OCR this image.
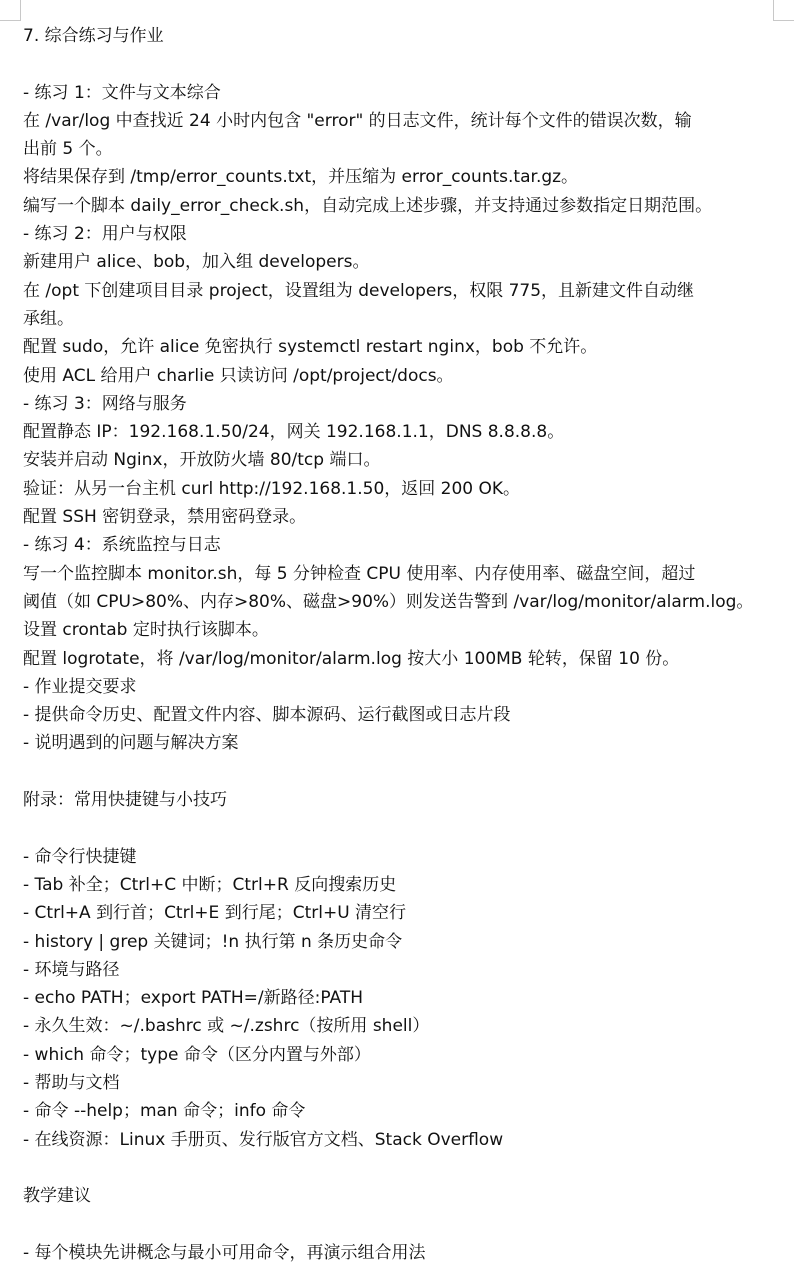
7. 综合练习与作业
- 练习 1：文件与文本综合
在 /var/log 中查找近 24 小时内包含 "error" 的日志文件，统计每个文件的错误次数，输
出前 5 个。
将结果保存到 /tmp/error_counts.txt，并压缩为 error_counts.tar.gz。
编写一个脚本 daily_error_check.sh，自动完成上述步骤，并支持通过参数指定日期范围。
- 练习 2：用户与权限
新建用户 alice、bob，加入组 developers。
在 /opt 下创建项目目录 project，设置组为 developers，权限 775，且新建文件自动继
承组。
配置 sudo，允许 alice 免密执行 systemctl restart nginx，bob 不允许。
使用 ACL 给用户 charlie 只读访问 /opt/project/docs。
- 练习 3：网络与服务
配置静态 IP：192.168.1.50/24，网关 192.168.1.1，DNS 8.8.8.8。
安装并启动 Nginx，开放防火墙 80/tcp 端口。
验证：从另一台主机 curl http://192.168.1.50，返回 200 OK。
配置 SSH 密钥登录，禁用密码登录。
- 练习 4：系统监控与日志
写一个监控脚本 monitor.sh，每 5 分钟检查 CPU 使用率、内存使用率、磁盘空间，超过
阈值（如 CPU>80%、内存>80%、磁盘>90%）则发送告警到 /var/log/monitor/alarm.log。
设置 crontab 定时执行该脚本。
配置 logrotate，将 /var/log/monitor/alarm.log 按大小 100MB 轮转，保留 10 份。
- 作业提交要求
- 提供命令历史、配置文件内容、脚本源码、运行截图或日志片段
- 说明遇到的问题与解决方案
附录：常用快捷键与小技巧
- 命令行快捷键
- Tab 补全；Ctrl+C 中断；Ctrl+R 反向搜索历史
- Ctrl+A 到行首；Ctrl+E 到行尾；Ctrl+U 清空行
- history | grep 关键词；!n 执行第 n 条历史命令
- 环境与路径
- echo PATH；export PATH=/新路径:PATH
- 永久生效：~/.bashrc 或 ~/.zshrc（按所用 shell）
- which 命令；type 命令（区分内置与外部）
- 帮助与文档
- 命令 --help；man 命令；info 命令
- 在线资源：Linux 手册页、发行版官方文档、Stack Overflow
教学建议
- 每个模块先讲概念与最小可用命令，再演示组合用法
